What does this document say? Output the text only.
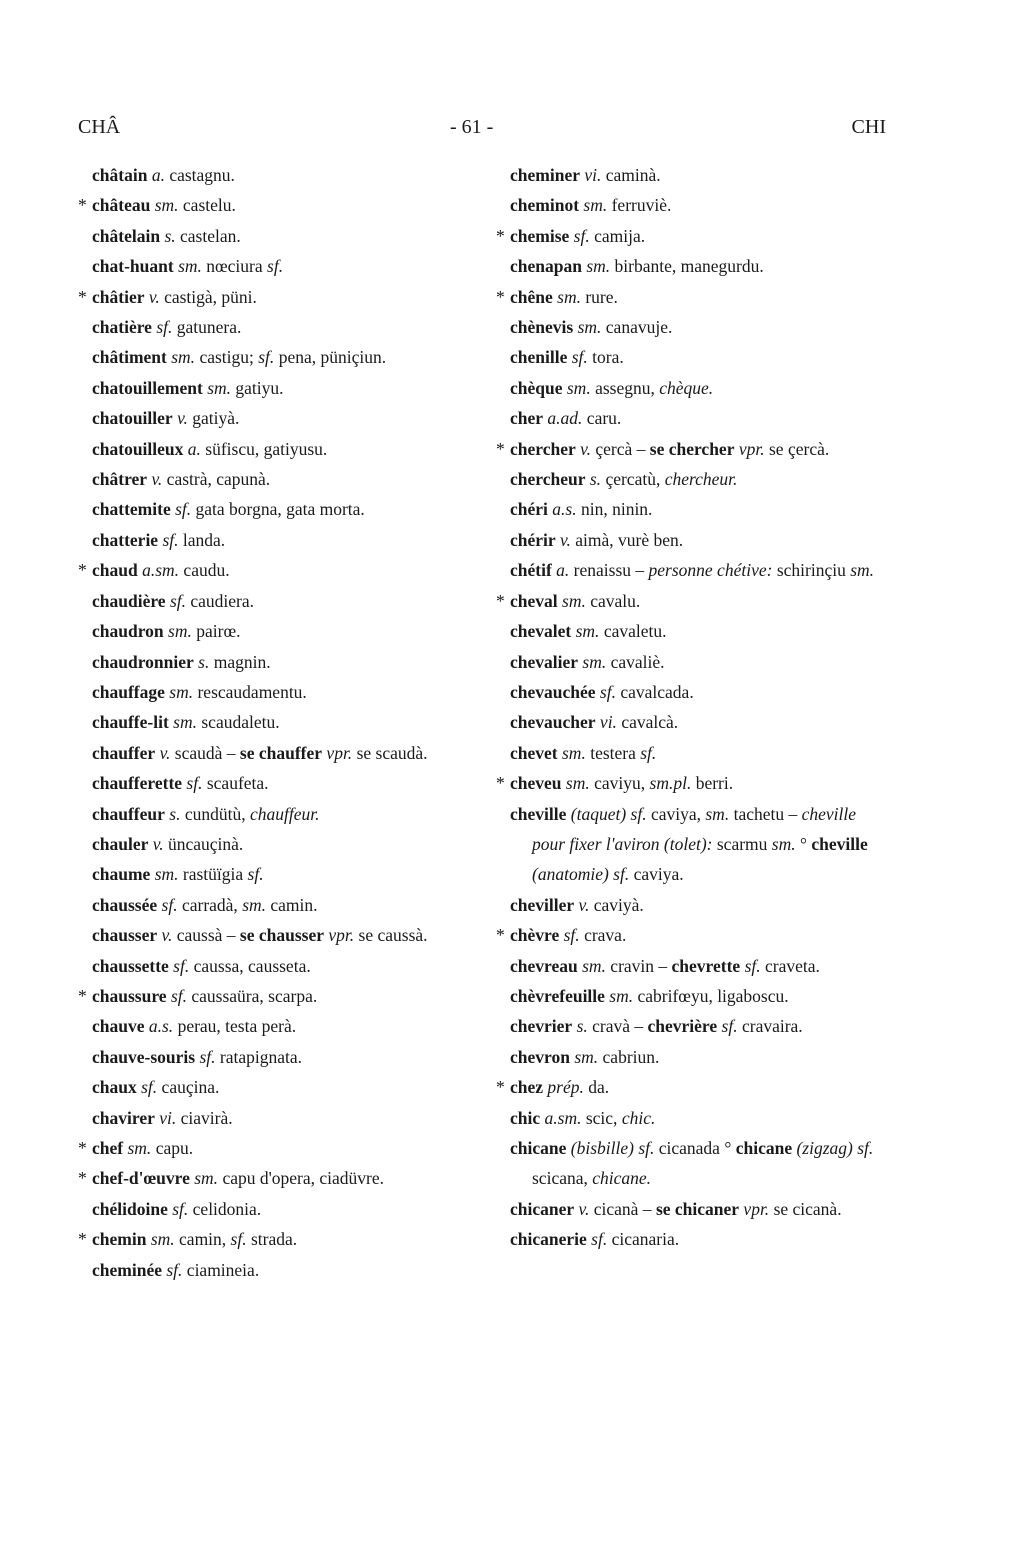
CHÂ	- 61 -	CHI
châtain a. castagnu.
* château sm. castelu.
châtelain s. castelan.
chat-huant sm. nœciura sf.
* châtier v. castigà, püni.
chatière sf. gatunera.
châtiment sm. castigu; sf. pena, püniçiun.
chatouillement sm. gatiyu.
chatouiller v. gatiyà.
chatouilleux a. süfiscu, gatiyusu.
châtrer v. castrà, capunà.
chattemite sf. gata borgna, gata morta.
chatterie sf. landa.
* chaud a.sm. caudu.
chaudière sf. caudiera.
chaudron sm. pairœ.
chaudronnier s. magnin.
chauffage sm. rescaudamentu.
chauffe-lit sm. scaudaletu.
chauffer v. scaudà – se chauffer vpr. se scaudà.
chaufferette sf. scaufeta.
chauffeur s. cundütù, chauffeur.
chauler v. üncauçinà.
chaume sm. rastüïgia sf.
chaussée sf. carradà, sm. camin.
chausser v. caussà – se chausser vpr. se caussà.
chaussette sf. caussa, causseta.
* chaussure sf. caussaüra, scarpa.
chauve a.s. perau, testa perà.
chauve-souris sf. ratapignata.
chaux sf. cauçina.
chavirer vi. ciavirà.
* chef sm. capu.
* chef-d'œuvre sm. capu d'opera, ciadüvre.
chélidoine sf. celidonia.
* chemin sm. camin, sf. strada.
cheminée sf. ciamineia.
cheminer vi. caminà.
cheminot sm. ferruviè.
* chemise sf. camija.
chenapan sm. birbante, manegurdu.
* chêne sm. rure.
chènevis sm. canavuje.
chenille sf. tora.
chèque sm. assegnu, chèque.
cher a.ad. caru.
* chercher v. çercà – se chercher vpr. se çercà.
chercheur s. çercatù, chercheur.
chéri a.s. nin, ninin.
chérir v. aimà, vurè ben.
chétif a. renaissu – personne chétive: schirinçiu sm.
* cheval sm. cavalu.
chevalet sm. cavaletu.
chevalier sm. cavaliè.
chevauchée sf. cavalcada.
chevaucher vi. cavalcà.
chevet sm. testera sf.
* cheveu sm. caviyu, sm.pl. berri.
cheville (taquet) sf. caviya, sm. tachetu – cheville pour fixer l'aviron (tolet): scarmu sm. ° cheville (anatomie) sf. caviya.
cheviller v. caviyà.
* chèvre sf. crava.
chevreau sm. cravin – chevrette sf. craveta.
chèvrefeuille sm. cabrifœyu, ligaboscu.
chevrier s. cravà – chevrière sf. cravaira.
chevron sm. cabriun.
* chez prép. da.
chic a.sm. scic, chic.
chicane (bisbille) sf. cicanada ° chicane (zigzag) sf. scicana, chicane.
chicaner v. cicanà – se chicaner vpr. se cicanà.
chicanerie sf. cicanaria.
